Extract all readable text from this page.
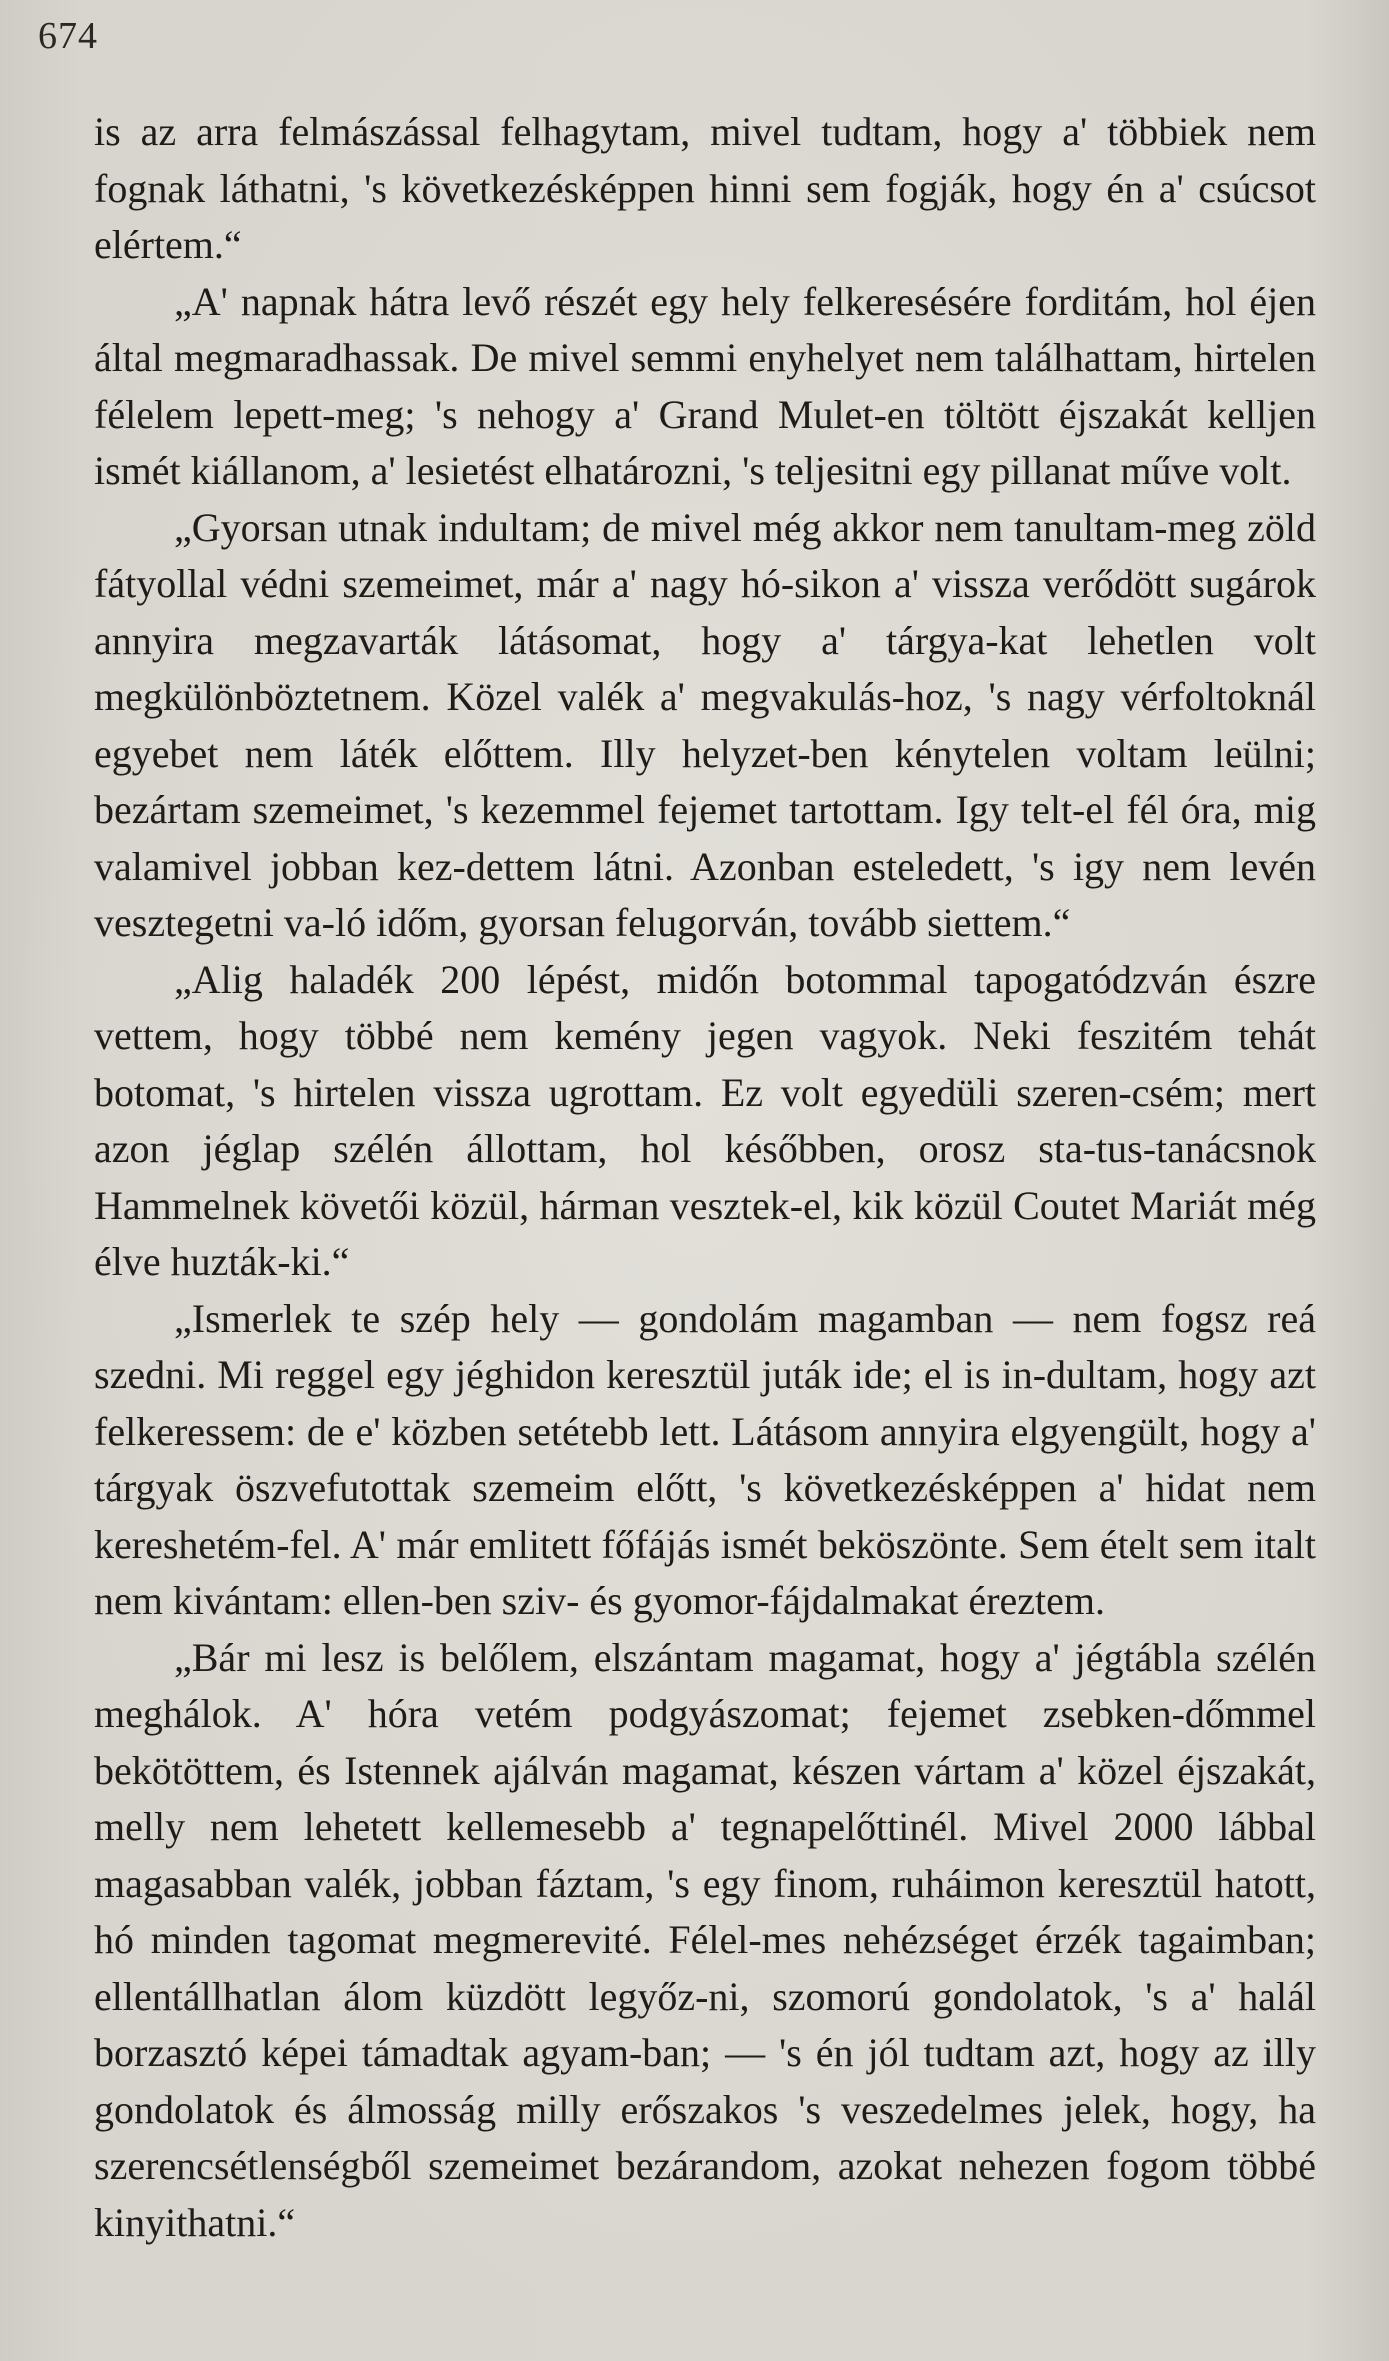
674

is az arra felmászással felhagytam, mivel tudtam, hogy a' többiek nem fognak láthatni, 's következésképpen hinni sem fogják, hogy én a' csúcsot elértem.“

„A' napnak hátra levő részét egy hely felkeresésére forditám, hol éjen által megmaradhassak. De mivel semmi enyhelyet nem találhattam, hirtelen félelem lepett-meg; 's nehogy a' Grand Mulet-en töltött éjszakát kelljen ismét kiállanom, a' lesietést elhatározni, 's teljesitni egy pillanat műve volt.

„Gyorsan utnak indultam; de mivel még akkor nem tanultam-meg zöld fátyollal védni szemeimet, már a' nagy hó-sikon a' vissza verődött sugárok annyira megzavarták látásomat, hogy a' tárgya-kat lehetlen volt megkülönböztetnem. Közel valék a' megvakulás-hoz, 's nagy vérfoltoknál egyebet nem láték előttem. Illy helyzet-ben kénytelen voltam leülni; bezártam szemeimet, 's kezemmel fejemet tartottam. Igy telt-el fél óra, mig valamivel jobban kez-dettem látni. Azonban esteledett, 's igy nem levén vesztegetni va-ló időm, gyorsan felugorván, tovább siettem.“

„Alig haladék 200 lépést, midőn botommal tapogatódzván észre vettem, hogy többé nem kemény jegen vagyok. Neki feszitém tehát botomat, 's hirtelen vissza ugrottam. Ez volt egyedüli szeren-csém; mert azon jéglap szélén állottam, hol későbben, orosz sta-tus-tanácsnok Hammelnek követői közül, hárman vesztek-el, kik közül Coutet Mariát még élve huzták-ki.“

„Ismerlek te szép hely — gondolám magamban — nem fogsz reá szedni. Mi reggel egy jéghidon keresztül juták ide; el is in-dultam, hogy azt felkeressem: de e' közben setétebb lett. Látásom annyira elgyengült, hogy a' tárgyak öszvefutottak szemeim előtt, 's következésképpen a' hidat nem kereshetém-fel. A' már emlitett főfájás ismét beköszönte. Sem ételt sem italt nem kivántam: ellen-ben sziv- és gyomor-fájdalmakat éreztem.

„Bár mi lesz is belőlem, elszántam magamat, hogy a' jégtábla szélén meghálok. A' hóra vetém podgyászomat; fejemet zsebken-dőmmel bekötöttem, és Istennek ajálván magamat, készen vártam a' közel éjszakát, melly nem lehetett kellemesebb a' tegnapelőttinél. Mivel 2000 lábbal magasabban valék, jobban fáztam, 's egy finom, ruháimon keresztül hatott, hó minden tagomat megmerevité. Félel-mes nehézséget érzék tagaimban; ellentállhatlan álom küzdött legyőz-ni, szomorú gondolatok, 's a' halál borzasztó képei támadtak agyam-ban; — 's én jól tudtam azt, hogy az illy gondolatok és álmosság milly erőszakos 's veszedelmes jelek, hogy, ha szerencsétlenségből szemeimet bezárandom, azokat nehezen fogom többé kinyithatni.“
